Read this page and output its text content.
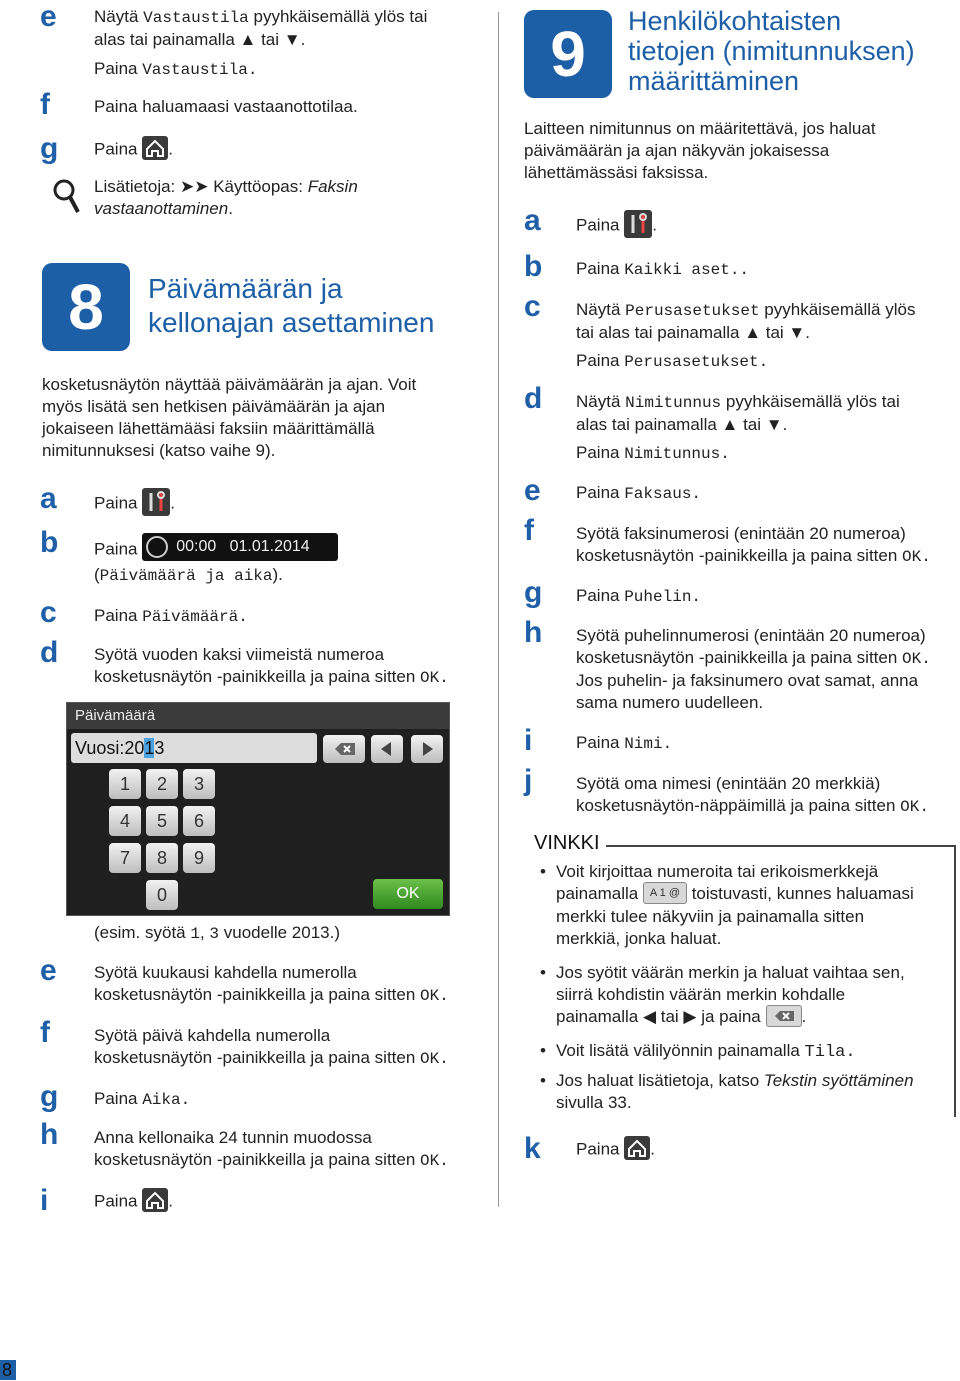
e Näytä Vastaustila pyyhkäisemällä ylös tai
alas tai painamalla ▲ tai ▼.
Paina Vastaustila.
f	Paina haluamaasi vastaanottotilaa.
g Paina .
Lisätietoja: ➤➤ Käyttöopas: Faksin
vastaanottaminen.
8	Päivämäärän ja
kellonajan asettaminen
kosketusnäytön näyttää päivämäärän ja ajan. Voit
myös lisätä sen hetkisen päivämäärän ja ajan
jokaiseen lähettämääsi faksiin määrittämällä
nimitunnuksesi (katso vaihe 9).
a Paina .
b Paina 00:00 01.01.2014
(Päivämäärä ja aika).
c Paina Päivämäärä.
d Syötä vuoden kaksi viimeistä numeroa
kosketusnäytön -painikkeilla ja paina sitten OK.
Päivämäärä
Vuosi:2013
1	2	3
4	5	6
7	8	9
0	OK
(esim. syötä 1, 3 vuodelle 2013.)
e Syötä kuukausi kahdella numerolla
kosketusnäytön -painikkeilla ja paina sitten OK.
f	Syötä päivä kahdella numerolla
kosketusnäytön -painikkeilla ja paina sitten OK.
g Paina Aika.
h Anna kellonaika 24 tunnin muodossa
kosketusnäytön -painikkeilla ja paina sitten OK.
i	Paina .
9	Henkilökohtaisten
tietojen (nimitunnuksen)
määrittäminen
Laitteen nimitunnus on määritettävä, jos haluat
päivämäärän ja ajan näkyvän jokaisessa
lähettämässäsi faksissa.
a Paina .
b Paina Kaikki aset..
c Näytä Perusasetukset pyyhkäisemällä ylös
tai alas tai painamalla ▲ tai ▼.
Paina Perusasetukset.
d Näytä Nimitunnus pyyhkäisemällä ylös tai
alas tai painamalla ▲ tai ▼.
Paina Nimitunnus.
e Paina Faksaus.
f Syötä faksinumerosi (enintään 20 numeroa)
kosketusnäytön -painikkeilla ja paina sitten OK.
g Paina Puhelin.
h Syötä puhelinnumerosi (enintään 20 numeroa)
kosketusnäytön -painikkeilla ja paina sitten OK.
Jos puhelin- ja faksinumero ovat samat, anna
sama numero uudelleen.
i	Paina Nimi.
j	Syötä oma nimesi (enintään 20 merkkiä)
kosketusnäytön-näppäimillä ja paina sitten OK.
VINKKI
• Voit kirjoittaa numeroita tai erikoismerkkejä
painamalla A 1 @ toistuvasti, kunnes haluamasi
merkki tulee näkyviin ja painamalla sitten
merkkiä, jonka haluat.
• Jos syötit väärän merkin ja haluat vaihtaa sen,
siirrä kohdistin väärän merkin kohdalle
painamalla ◀ tai ▶ ja paina .
• Voit lisätä välilyönnin painamalla Tila.
• Jos haluat lisätietoja, katso Tekstin syöttäminen
sivulla 33.
k Paina .
8
